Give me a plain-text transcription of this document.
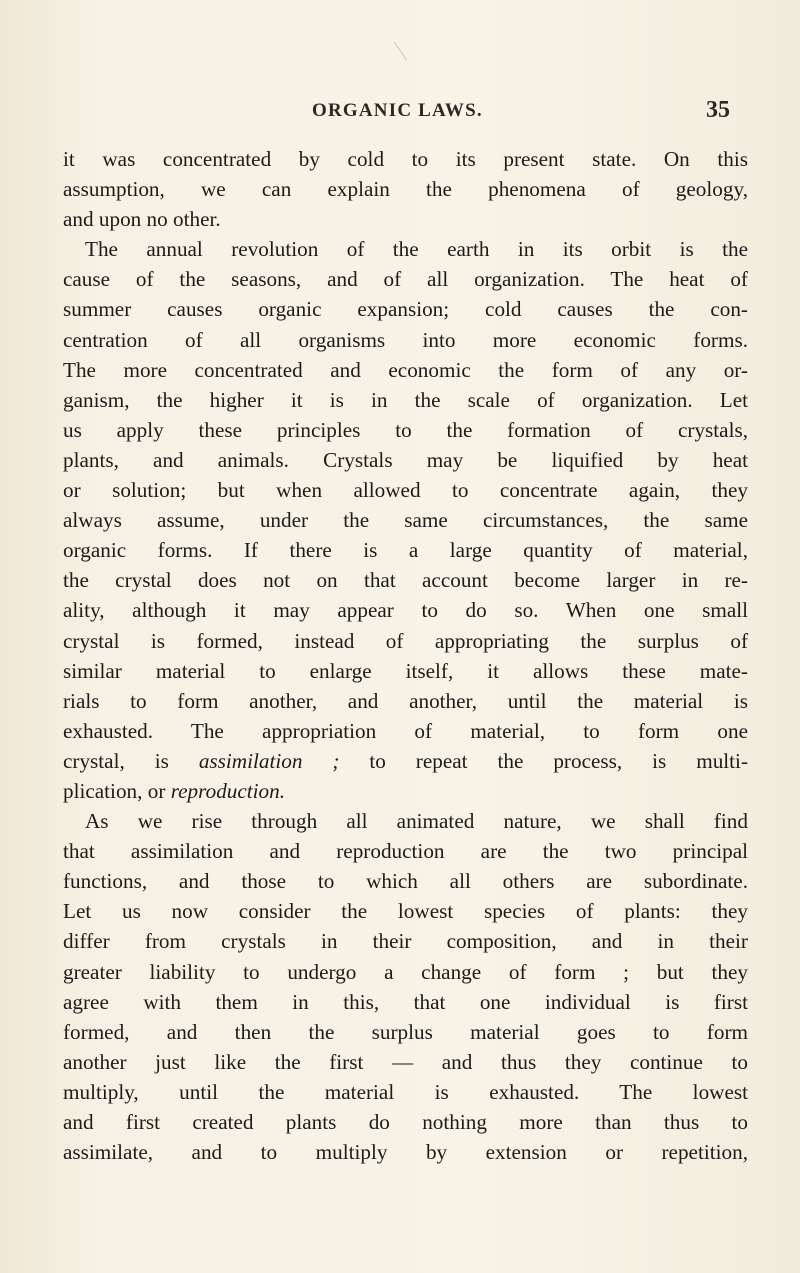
ORGANIC LAWS.	35
it was concentrated by cold to its present state. On this
assumption, we can explain the phenomena of geology,
and upon no other.
The annual revolution of the earth in its orbit is the
cause of the seasons, and of all organization. The heat of
summer causes organic expansion; cold causes the con-
centration of all organisms into more economic forms.
The more concentrated and economic the form of any or-
ganism, the higher it is in the scale of organization. Let
us apply these principles to the formation of crystals,
plants, and animals. Crystals may be liquified by heat
or solution; but when allowed to concentrate again, they
always assume, under the same circumstances, the same
organic forms. If there is a large quantity of material,
the crystal does not on that account become larger in re-
ality, although it may appear to do so. When one small
crystal is formed, instead of appropriating the surplus of
similar material to enlarge itself, it allows these mate-
rials to form another, and another, until the material is
exhausted. The appropriation of material, to form one
crystal, is assimilation ; to repeat the process, is multi-
plication, or reproduction.
As we rise through all animated nature, we shall find
that assimilation and reproduction are the two principal
functions, and those to which all others are subordinate.
Let us now consider the lowest species of plants: they
differ from crystals in their composition, and in their
greater liability to undergo a change of form ; but they
agree with them in this, that one individual is first
formed, and then the surplus material goes to form
another just like the first — and thus they continue to
multiply, until the material is exhausted. The lowest
and first created plants do nothing more than thus to
assimilate, and to multiply by extension or repetition,
